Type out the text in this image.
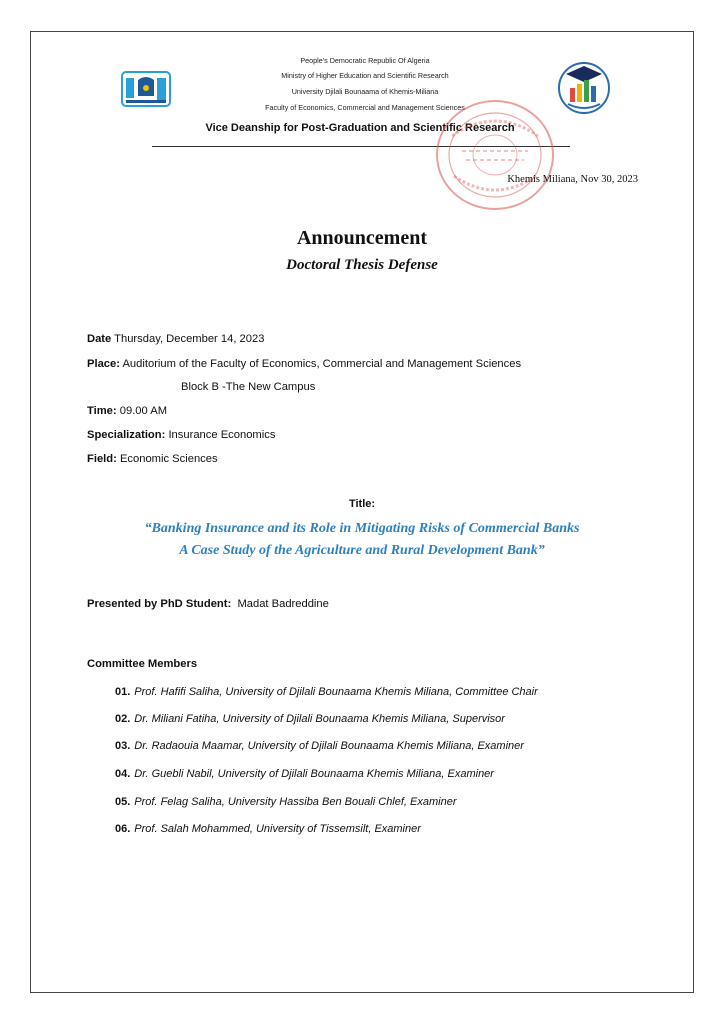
People's Democratic Republic Of Algeria
Ministry of Higher Education and Scientific Research
University Djilali Bounaama of Khemis-Miliana
Faculty of Economics, Commercial and Management Sciences
Vice Deanship for Post-Graduation and Scientific Research
Khemis Miliana, Nov 30, 2023
Announcement
Doctoral Thesis Defense
Date Thursday, December 14, 2023
Place: Auditorium of the Faculty of Economics, Commercial and Management Sciences
Block B -The New Campus
Time: 09.00 AM
Specialization: Insurance Economics
Field: Economic Sciences
Title:
“Banking Insurance and its Role in Mitigating Risks of Commercial Banks
A Case Study of the Agriculture and Rural Development Bank”
Presented by PhD Student: Madat Badreddine
Committee Members
01. Prof. Hafifi Saliha, University of Djilali Bounaama Khemis Miliana, Committee Chair
02. Dr. Miliani Fatiha, University of Djilali Bounaama Khemis Miliana, Supervisor
03. Dr. Radaouia Maamar, University of Djilali Bounaama Khemis Miliana, Examiner
04. Dr. Guebli Nabil, University of Djilali Bounaama Khemis Miliana, Examiner
05. Prof. Felag Saliha, University Hassiba Ben Bouali Chlef, Examiner
06. Prof. Salah Mohammed, University of Tissemsilt, Examiner
